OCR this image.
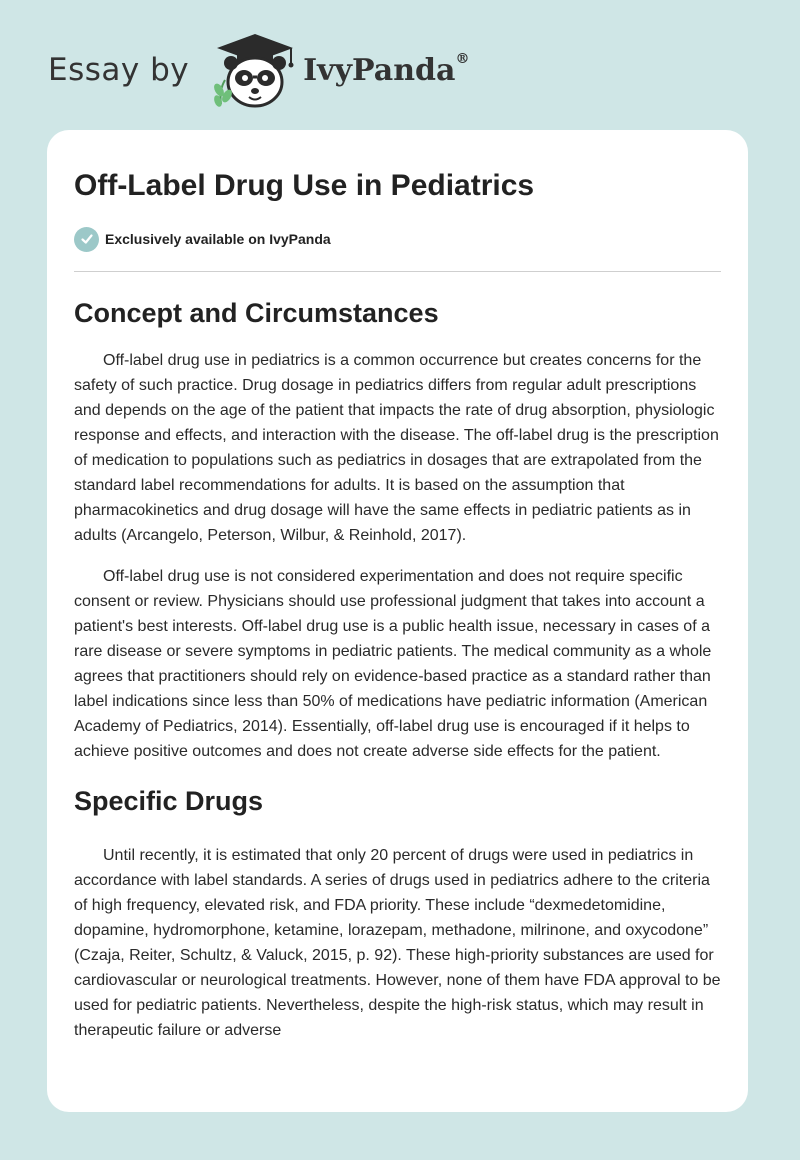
Essay by	IvyPanda®
Off-Label Drug Use in Pediatrics
Exclusively available on IvyPanda
Concept and Circumstances

Off-label drug use in pediatrics is a common occurrence but creates concerns for the safety of such practice. Drug dosage in pediatrics differs from regular adult prescriptions and depends on the age of the patient that impacts the rate of drug absorption, physiologic response and effects, and interaction with the disease. The off-label drug is the prescription of medication to populations such as pediatrics in dosages that are extrapolated from the standard label recommendations for adults. It is based on the assumption that pharmacokinetics and drug dosage will have the same effects in pediatric patients as in adults (Arcangelo, Peterson, Wilbur, & Reinhold, 2017).

Off-label drug use is not considered experimentation and does not require specific consent or review. Physicians should use professional judgment that takes into account a patient's best interests. Off-label drug use is a public health issue, necessary in cases of a rare disease or severe symptoms in pediatric patients. The medical community as a whole agrees that practitioners should rely on evidence-based practice as a standard rather than label indications since less than 50% of medications have pediatric information (American Academy of Pediatrics, 2014). Essentially, off-label drug use is encouraged if it helps to achieve positive outcomes and does not create adverse side effects for the patient.

Specific Drugs

Until recently, it is estimated that only 20 percent of drugs were used in pediatrics in accordance with label standards. A series of drugs used in pediatrics adhere to the criteria of high frequency, elevated risk, and FDA priority. These include “dexmedetomidine, dopamine, hydromorphone, ketamine, lorazepam, methadone, milrinone, and oxycodone” (Czaja, Reiter, Schultz, & Valuck, 2015, p. 92). These high-priority substances are used for cardiovascular or neurological treatments. However, none of them have FDA approval to be used for pediatric patients. Nevertheless, despite the high-risk status, which may result in therapeutic failure or adverse
